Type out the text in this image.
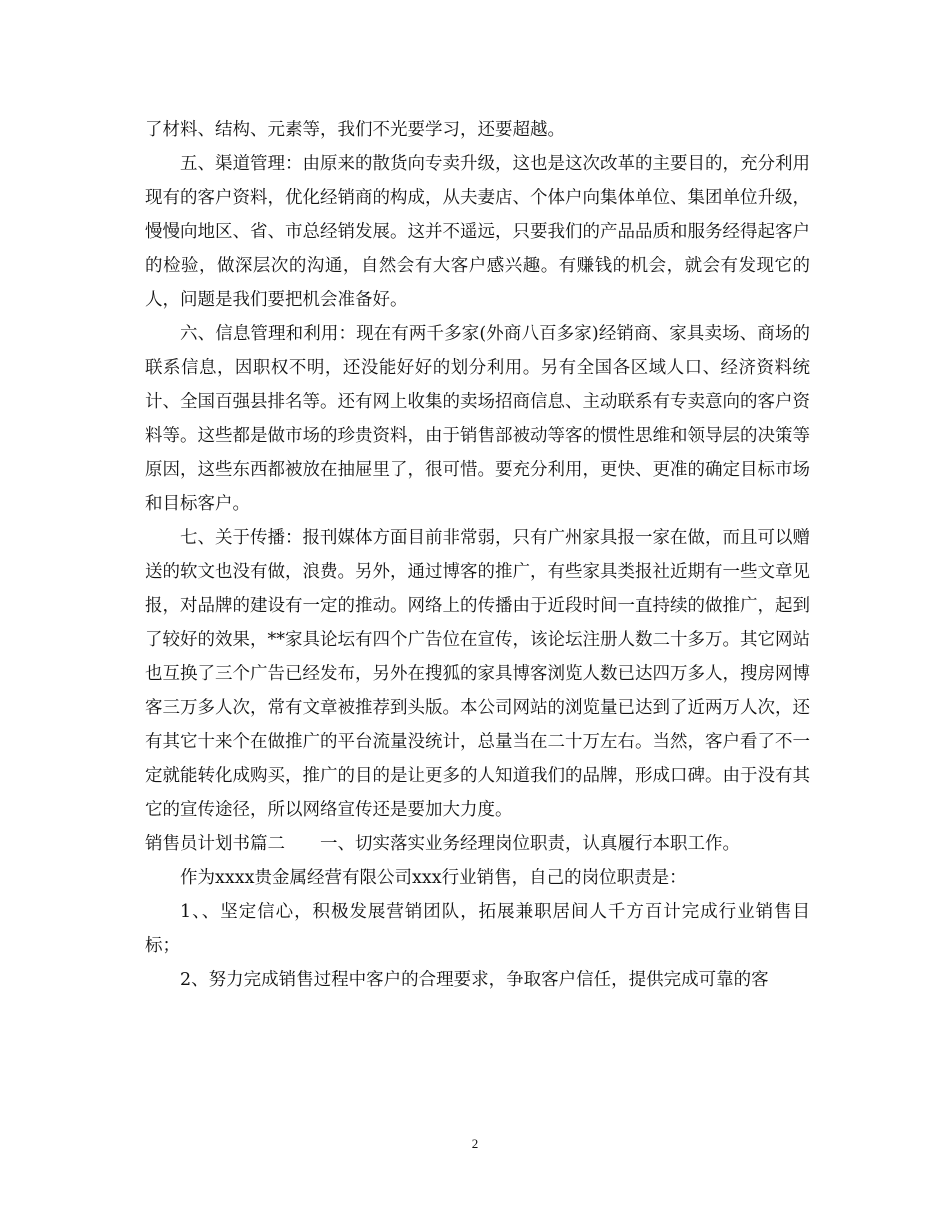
了材料、结构、元素等，我们不光要学习，还要超越。

五、渠道管理：由原来的散货向专卖升级，这也是这次改革的主要目的，充分利用现有的客户资料，优化经销商的构成，从夫妻店、个体户向集体单位、集团单位升级，慢慢向地区、省、市总经销发展。这并不遥远，只要我们的产品品质和服务经得起客户的检验，做深层次的沟通，自然会有大客户感兴趣。有赚钱的机会，就会有发现它的人，问题是我们要把机会准备好。

六、信息管理和利用：现在有两千多家(外商八百多家)经销商、家具卖场、商场的联系信息，因职权不明，还没能好好的划分利用。另有全国各区域人口、经济资料统计、全国百强县排名等。还有网上收集的卖场招商信息、主动联系有专卖意向的客户资料等。这些都是做市场的珍贵资料，由于销售部被动等客的惯性思维和领导层的决策等原因，这些东西都被放在抽屉里了，很可惜。要充分利用，更快、更准的确定目标市场和目标客户。

七、关于传播：报刊媒体方面目前非常弱，只有广州家具报一家在做，而且可以赠送的软文也没有做，浪费。另外，通过博客的推广，有些家具类报社近期有一些文章见报，对品牌的建设有一定的推动。网络上的传播由于近段时间一直持续的做推广，起到了较好的效果，**家具论坛有四个广告位在宣传，该论坛注册人数二十多万。其它网站也互换了三个广告已经发布，另外在搜狐的家具博客浏览人数已达四万多人，搜房网博客三万多人次，常有文章被推荐到头版。本公司网站的浏览量已达到了近两万人次，还有其它十来个在做推广的平台流量没统计，总量当在二十万左右。当然，客户看了不一定就能转化成购买，推广的目的是让更多的人知道我们的品牌，形成口碑。由于没有其它的宣传途径，所以网络宣传还是要加大力度。

销售员计划书篇二　　一、切实落实业务经理岗位职责，认真履行本职工作。

作为xxxx贵金属经营有限公司xxx行业销售，自己的岗位职责是：

1、、坚定信心，积极发展营销团队，拓展兼职居间人千方百计完成行业销售目标；

2、努力完成销售过程中客户的合理要求，争取客户信任，提供完成可靠的客

2
